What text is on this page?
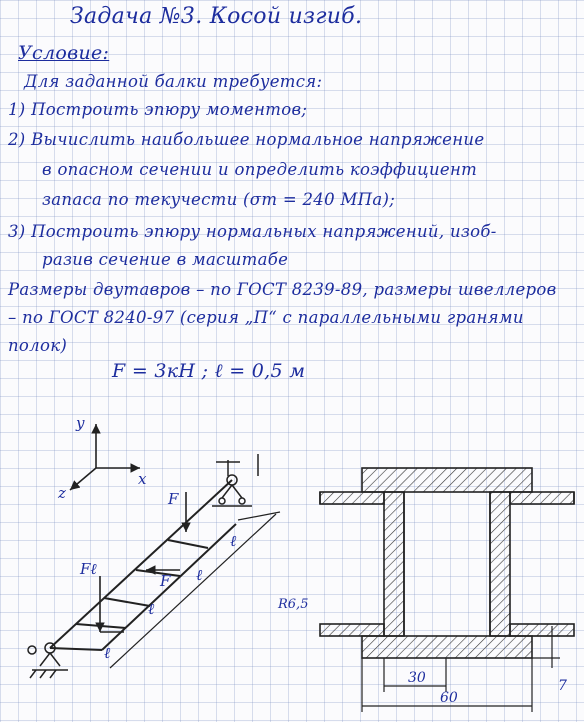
Задача №3. Косой изгиб.
Условие:
Для заданной балки требуется:
1) Построить эпюру моментов;
2) Вычислить наибольшее нормальное напряжение
в опасном сечении и определить коэффициент
запаса по текучести (σт = 240 МПа);
3) Построить эпюру нормальных напряжений, изоб-
разив сечение в масштабе
Размеры двутавров – по ГОСТ 8239-89, размеры швеллеров
– по ГОСТ 8240-97 (серия „П“ с параллельными гранями
полок)
F = 3кН ; ℓ = 0,5 м
y
x
z	F
F
Fℓ
ℓ
ℓ
ℓ
ℓ
R6,5
30
60
7
